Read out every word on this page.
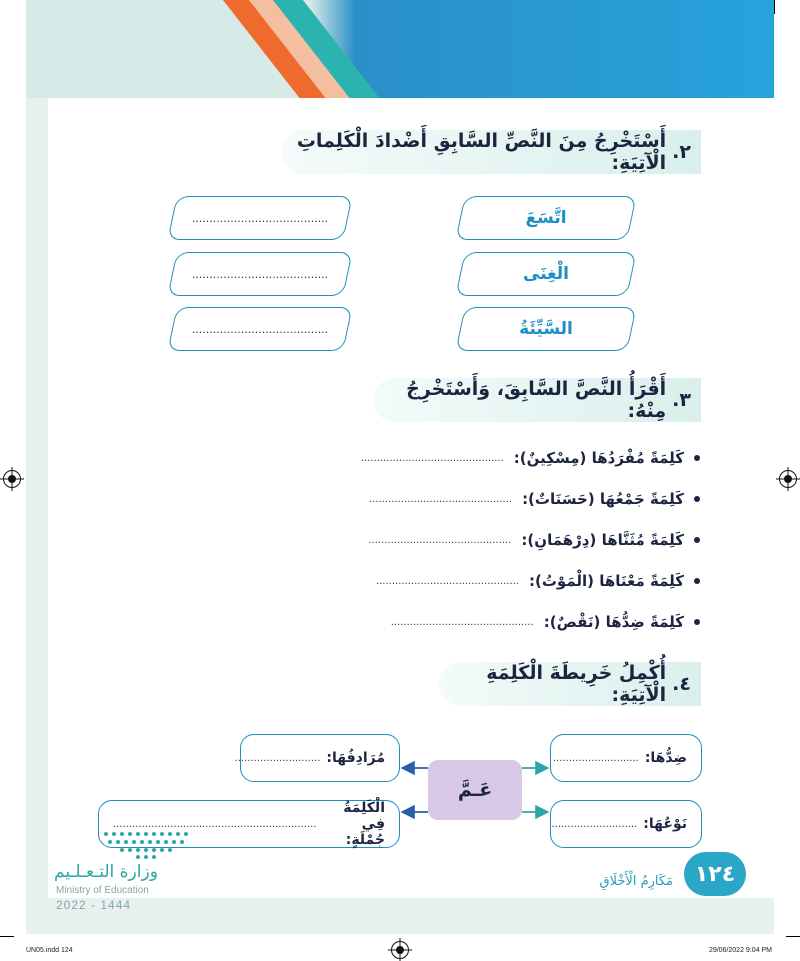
٢.
أَسْتَخْرِجُ مِنَ النَّصِّ السَّابِقِ أَضْدادَ الْكَلِماتِ الْآتِيَةِ:
اتَّسَعَ
.......................................
الْغِنَى
.......................................
السَّيِّئَةُ
.......................................
٣.
أَقْرَأُ النَّصَّ السَّابِقَ، وَأَسْتَخْرِجُ مِنْهُ:
كَلِمَةً مُفْرَدُهَا (مِسْكِينٌ):
.............................................
كَلِمَةً جَمْعُهَا (حَسَنَاتٌ):
.............................................
كَلِمَةً مُثَنَّاهَا (دِرْهَمَانِ):
.............................................
كَلِمَةً مَعْنَاهَا (الْمَوْتُ):
.............................................
كَلِمَةً ضِدُّهَا (نَقْصٌ):
.............................................
٤.
أُكْمِلُ خَرِيطَةَ الْكَلِمَةِ الْآتِيَةِ:
ضِدُّهَا:
...........................
مُرَادِفُهَا:
...........................
عَـمَّ
نَوْعُهَا:
...........................
الْكَلِمَةُ فِي جُمْلَةٍ:
................................................................
وزارة التـعـلـيم
Ministry of Education
2022 - 1444
مَكَارِمُ الْأَخْلَاقِ ١٢٤
UN05.indd 124	29/06/2022 9:04 PM
